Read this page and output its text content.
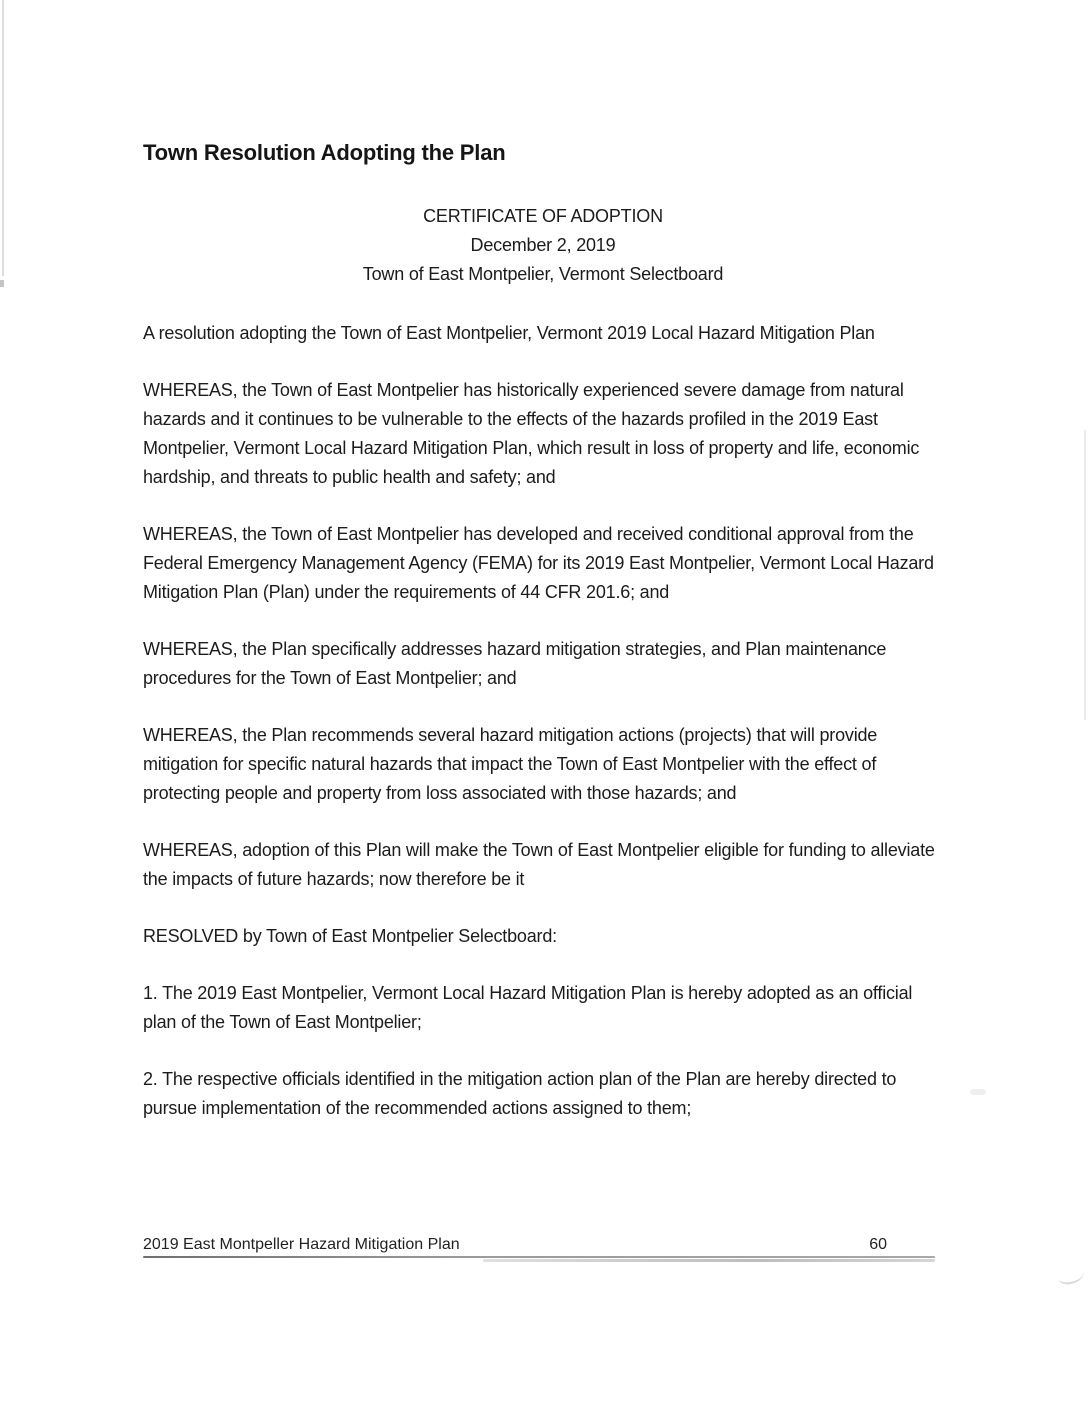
Town Resolution Adopting the Plan

CERTIFICATE OF ADOPTION

December 2, 2019

Town of East Montpelier, Vermont Selectboard

A resolution adopting the Town of East Montpelier, Vermont 2019 Local Hazard Mitigation Plan

WHEREAS, the Town of East Montpelier has historically experienced severe damage from natural hazards and it continues to be vulnerable to the effects of the hazards profiled in the 2019 East Montpelier, Vermont Local Hazard Mitigation Plan, which result in loss of property and life, economic hardship, and threats to public health and safety; and

WHEREAS, the Town of East Montpelier has developed and received conditional approval from the Federal Emergency Management Agency (FEMA) for its 2019 East Montpelier, Vermont Local Hazard Mitigation Plan (Plan) under the requirements of 44 CFR 201.6; and

WHEREAS, the Plan specifically addresses hazard mitigation strategies, and Plan maintenance procedures for the Town of East Montpelier; and

WHEREAS, the Plan recommends several hazard mitigation actions (projects) that will provide mitigation for specific natural hazards that impact the Town of East Montpelier with the effect of protecting people and property from loss associated with those hazards; and

WHEREAS, adoption of this Plan will make the Town of East Montpelier eligible for funding to alleviate the impacts of future hazards; now therefore be it

RESOLVED by Town of East Montpelier Selectboard:

1. The 2019 East Montpelier, Vermont Local Hazard Mitigation Plan is hereby adopted as an official plan of the Town of East Montpelier;

2. The respective officials identified in the mitigation action plan of the Plan are hereby directed to pursue implementation of the recommended actions assigned to them;

2019 East Montpeller Hazard Mitigation Plan	60
